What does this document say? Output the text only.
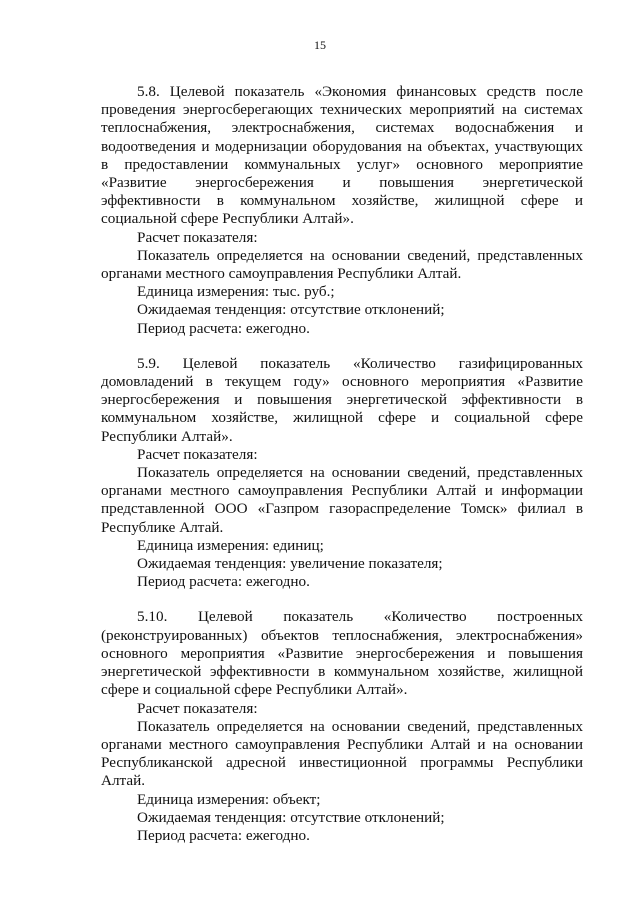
15

5.8. Целевой показатель «Экономия финансовых средств после проведения энергосберегающих технических мероприятий на системах теплоснабжения, электроснабжения, системах водоснабжения и водоотведения и модернизации оборудования на объектах, участвующих в предоставлении коммунальных услуг» основного мероприятие «Развитие энергосбережения и повышения энергетической эффективности в коммунальном хозяйстве, жилищной сфере и социальной сфере Республики Алтай».

Расчет показателя:

Показатель определяется на основании сведений, представленных органами местного самоуправления Республики Алтай.

Единица измерения: тыс. руб.;

Ожидаемая тенденция: отсутствие отклонений;

Период расчета: ежегодно.

5.9. Целевой показатель «Количество газифицированных домовладений в текущем году» основного мероприятия «Развитие энергосбережения и повышения энергетической эффективности в коммунальном хозяйстве, жилищной сфере и социальной сфере Республики Алтай».

Расчет показателя:

Показатель определяется на основании сведений, представленных органами местного самоуправления Республики Алтай и информации представленной ООО «Газпром газораспределение Томск» филиал в Республике Алтай.

Единица измерения: единиц;

Ожидаемая тенденция: увеличение показателя;

Период расчета: ежегодно.

5.10. Целевой показатель «Количество построенных (реконструированных) объектов теплоснабжения, электроснабжения» основного мероприятия «Развитие энергосбережения и повышения энергетической эффективности в коммунальном хозяйстве, жилищной сфере и социальной сфере Республики Алтай».

Расчет показателя:

Показатель определяется на основании сведений, представленных органами местного самоуправления Республики Алтай и на основании Республиканской адресной инвестиционной программы Республики Алтай.

Единица измерения: объект;

Ожидаемая тенденция: отсутствие отклонений;

Период расчета: ежегодно.
